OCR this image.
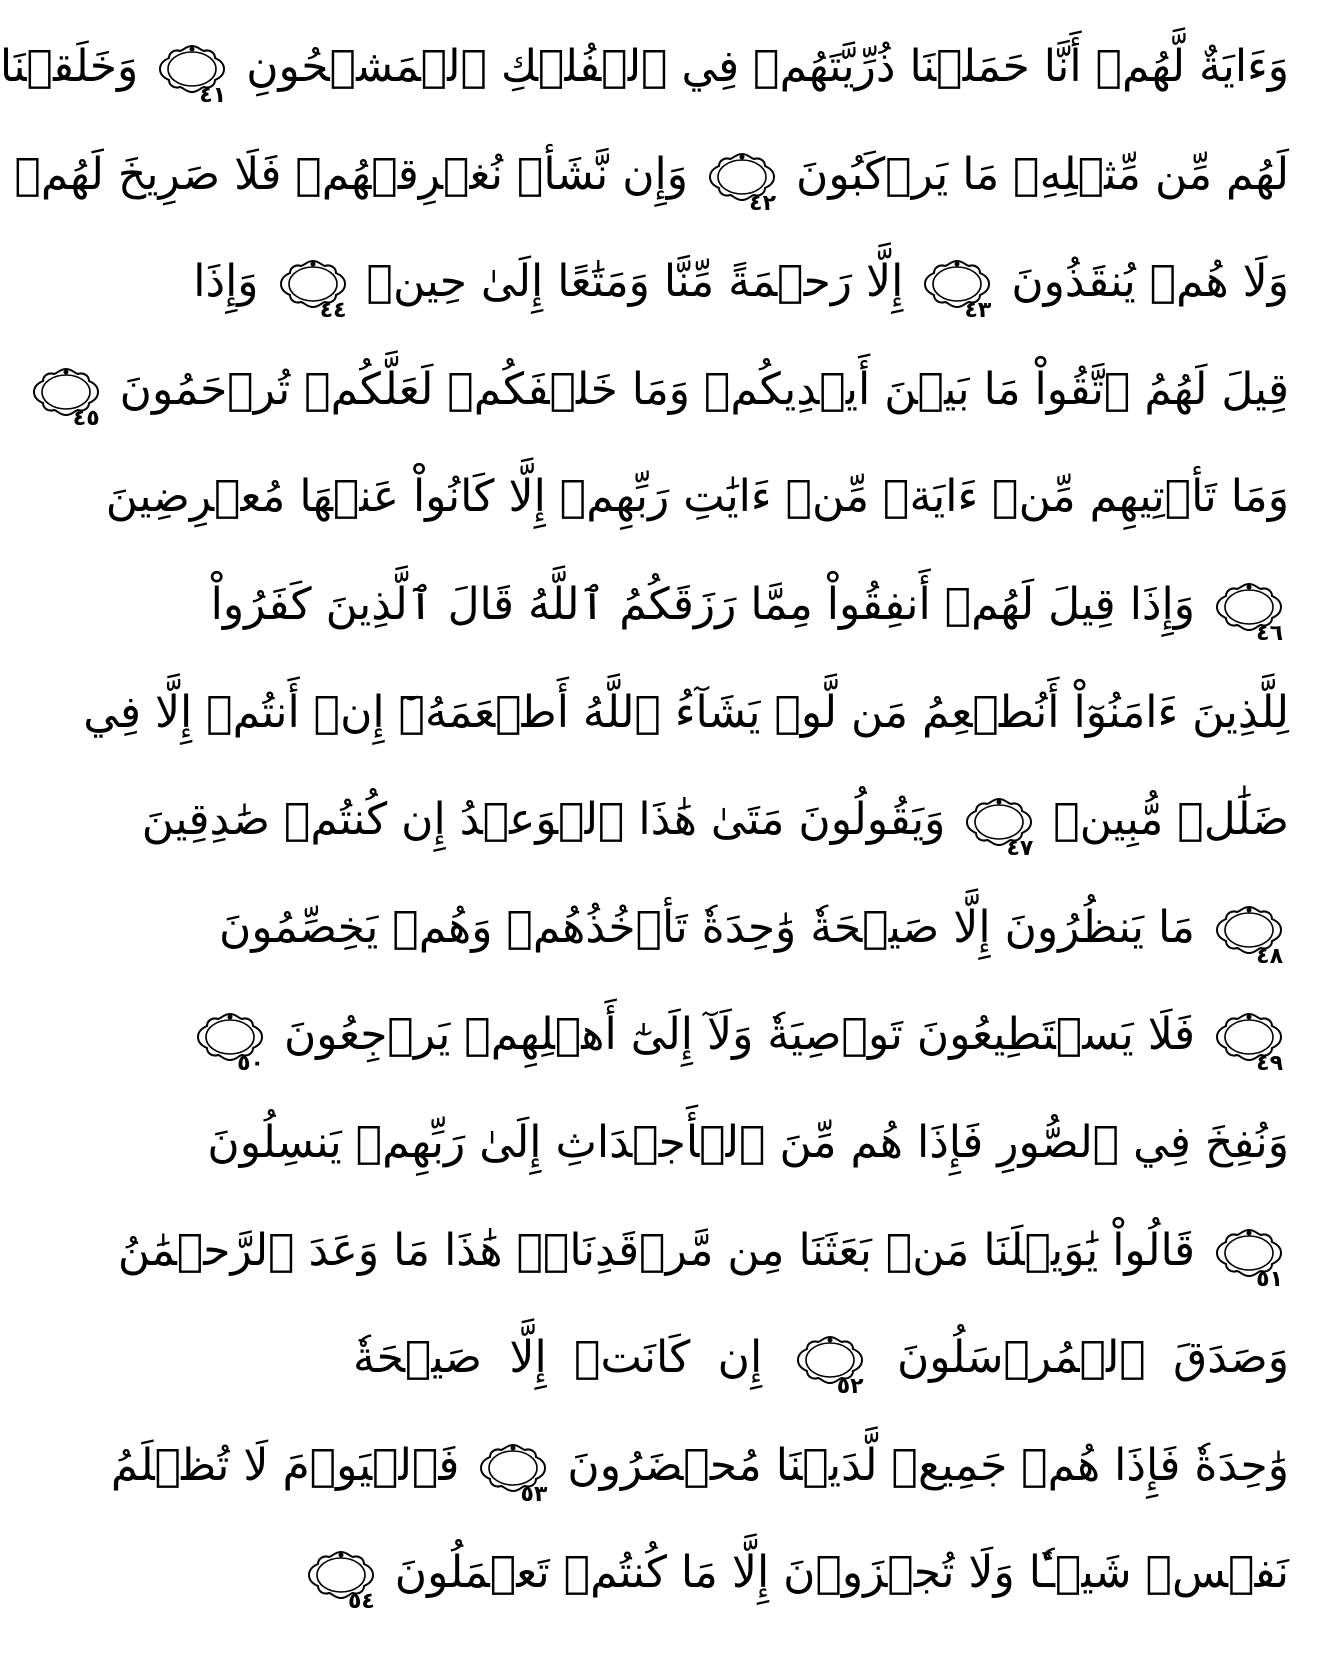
وَءَايَةٌ لَّهُمۡ أَنَّا حَمَلۡنَا ذُرِّيَّتَهُمۡ فِي ٱلۡفُلۡكِ ٱلۡمَشۡحُونِ
٤١ وَخَلَقۡنَا
لَهُم مِّن مِّثۡلِهِۦ مَا يَرۡكَبُونَ
٤٢ وَإِن نَّشَأۡ نُغۡرِقۡهُمۡ فَلَا صَرِيخَ لَهُمۡ
وَلَا هُمۡ يُنقَذُونَ
٤٣ إِلَّا رَحۡمَةً مِّنَّا وَمَتَٰعًا إِلَىٰ حِينٖ
٤٤ وَإِذَا
قِيلَ لَهُمُ ٱتَّقُواْ مَا بَيۡنَ أَيۡدِيكُمۡ وَمَا خَلۡفَكُمۡ لَعَلَّكُمۡ تُرۡحَمُونَ
٤٥
وَمَا تَأۡتِيهِم مِّنۡ ءَايَةٖ مِّنۡ ءَايَٰتِ رَبِّهِمۡ إِلَّا كَانُواْ عَنۡهَا مُعۡرِضِينَ
٤٦ وَإِذَا قِيلَ لَهُمۡ أَنفِقُواْ مِمَّا رَزَقَكُمُ ٱللَّهُ قَالَ ٱلَّذِينَ كَفَرُواْ
لِلَّذِينَ ءَامَنُوٓاْ أَنُطۡعِمُ مَن لَّوۡ يَشَآءُ ٱللَّهُ أَطۡعَمَهُۥٓ إِنۡ أَنتُمۡ إِلَّا فِي
ضَلَٰلٖ مُّبِينٖ
٤٧ وَيَقُولُونَ مَتَىٰ هَٰذَا ٱلۡوَعۡدُ إِن كُنتُمۡ صَٰدِقِينَ
٤٨ مَا يَنظُرُونَ إِلَّا صَيۡحَةٗ وَٰحِدَةٗ تَأۡخُذُهُمۡ وَهُمۡ يَخِصِّمُونَ
٤٩ فَلَا يَسۡتَطِيعُونَ تَوۡصِيَةٗ وَلَآ إِلَىٰٓ أَهۡلِهِمۡ يَرۡجِعُونَ
٥٠
وَنُفِخَ فِي ٱلصُّورِ فَإِذَا هُم مِّنَ ٱلۡأَجۡدَاثِ إِلَىٰ رَبِّهِمۡ يَنسِلُونَ
٥١ قَالُواْ يَٰوَيۡلَنَا مَنۢ بَعَثَنَا مِن مَّرۡقَدِنَاۜۗ هَٰذَا مَا وَعَدَ ٱلرَّحۡمَٰنُ
وَصَدَقَ ٱلۡمُرۡسَلُونَ
٥٢ إِن كَانَتۡ إِلَّا صَيۡحَةٗ
وَٰحِدَةٗ فَإِذَا هُمۡ جَمِيعٞ لَّدَيۡنَا مُحۡضَرُونَ
٥٣ فَٱلۡيَوۡمَ لَا تُظۡلَمُ
نَفۡسٞ شَيۡـٔٗا وَلَا تُجۡزَوۡنَ إِلَّا مَا كُنتُمۡ تَعۡمَلُونَ
٥٤
